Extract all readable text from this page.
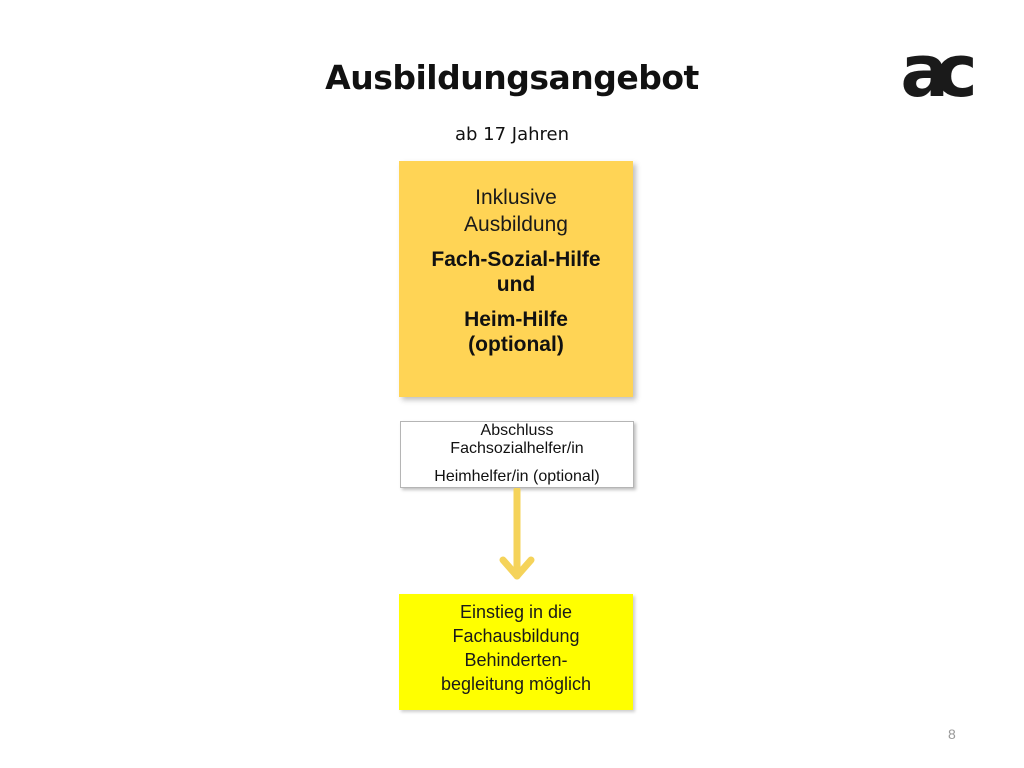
Ausbildungsangebot
ab 17 Jahren
ac
Inklusive
Ausbildung
Fach-Sozial-Hilfe
und
Heim-Hilfe
(optional)
Abschluss
Fachsozialhelfer/in
Heimhelfer/in (optional)
Einstieg in die
Fachausbildung
Behinderten-
begleitung möglich
8
